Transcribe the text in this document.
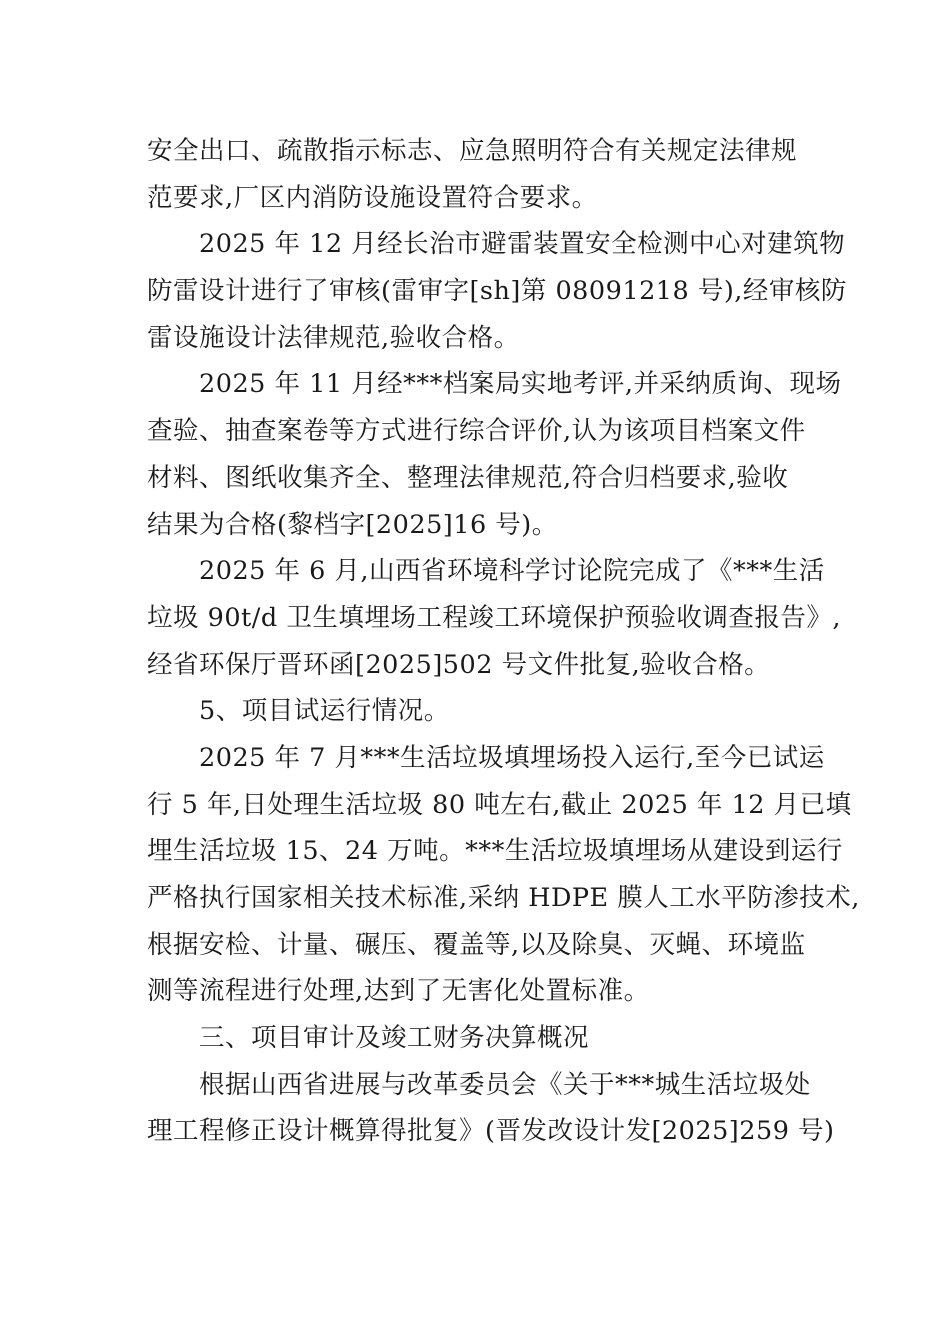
安全出口、疏散指示标志、应急照明符合有关规定法律规
范要求,厂区内消防设施设置符合要求。
2025 年 12 月经长治市避雷装置安全检测中心对建筑物
防雷设计进行了审核(雷审字[sh]第 08091218 号),经审核防
雷设施设计法律规范,验收合格。
2025 年 11 月经***档案局实地考评,并采纳质询、现场
查验、抽查案卷等方式进行综合评价,认为该项目档案文件
材料、图纸收集齐全、整理法律规范,符合归档要求,验收
结果为合格(黎档字[2025]16 号)。
2025 年 6 月,山西省环境科学讨论院完成了《***生活
垃圾 90t/d 卫生填埋场工程竣工环境保护预验收调查报告》,
经省环保厅晋环函[2025]502 号文件批复,验收合格。
5、项目试运行情况。
2025 年 7 月***生活垃圾填埋场投入运行,至今已试运
行 5 年,日处理生活垃圾 80 吨左右,截止 2025 年 12 月已填
埋生活垃圾 15、24 万吨。***生活垃圾填埋场从建设到运行
严格执行国家相关技术标准,采纳 HDPE 膜人工水平防渗技术,
根据安检、计量、碾压、覆盖等,以及除臭、灭蝇、环境监
测等流程进行处理,达到了无害化处置标准。
三、项目审计及竣工财务决算概况
根据山西省进展与改革委员会《关于***城生活垃圾处
理工程修正设计概算得批复》(晋发改设计发[2025]259 号)
